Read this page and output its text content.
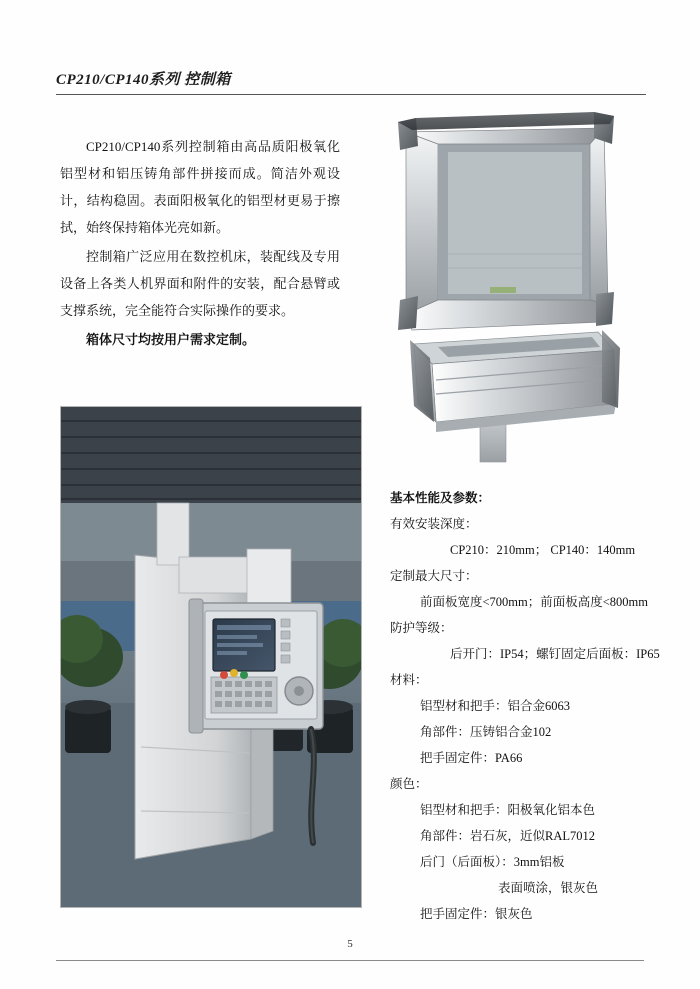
CP210/CP140系列 控制箱

CP210/CP140系列控制箱由高品质阳极氧化铝型材和铝压铸角部件拼接而成。简洁外观设计，结构稳固。表面阳极氧化的铝型材更易于擦拭，始终保持箱体光亮如新。

控制箱广泛应用在数控机床，装配线及专用设备上各类人机界面和附件的安装，配合悬臂或支撑系统，完全能符合实际操作的要求。

箱体尺寸均按用户需求定制。

基本性能及参数：
有效安装深度：
CP210：210mm； CP140：140mm
定制最大尺寸：
前面板宽度<700mm；前面板高度<800mm
防护等级：
后开门：IP54；螺钉固定后面板：IP65
材料：
铝型材和把手：铝合金6063
角部件：压铸铝合金102
把手固定件：PA66
颜色：
铝型材和把手：阳极氧化铝本色
角部件：岩石灰，近似RAL7012
后门（后面板）：3mm铝板
表面喷涂，银灰色
把手固定件：银灰色
5
